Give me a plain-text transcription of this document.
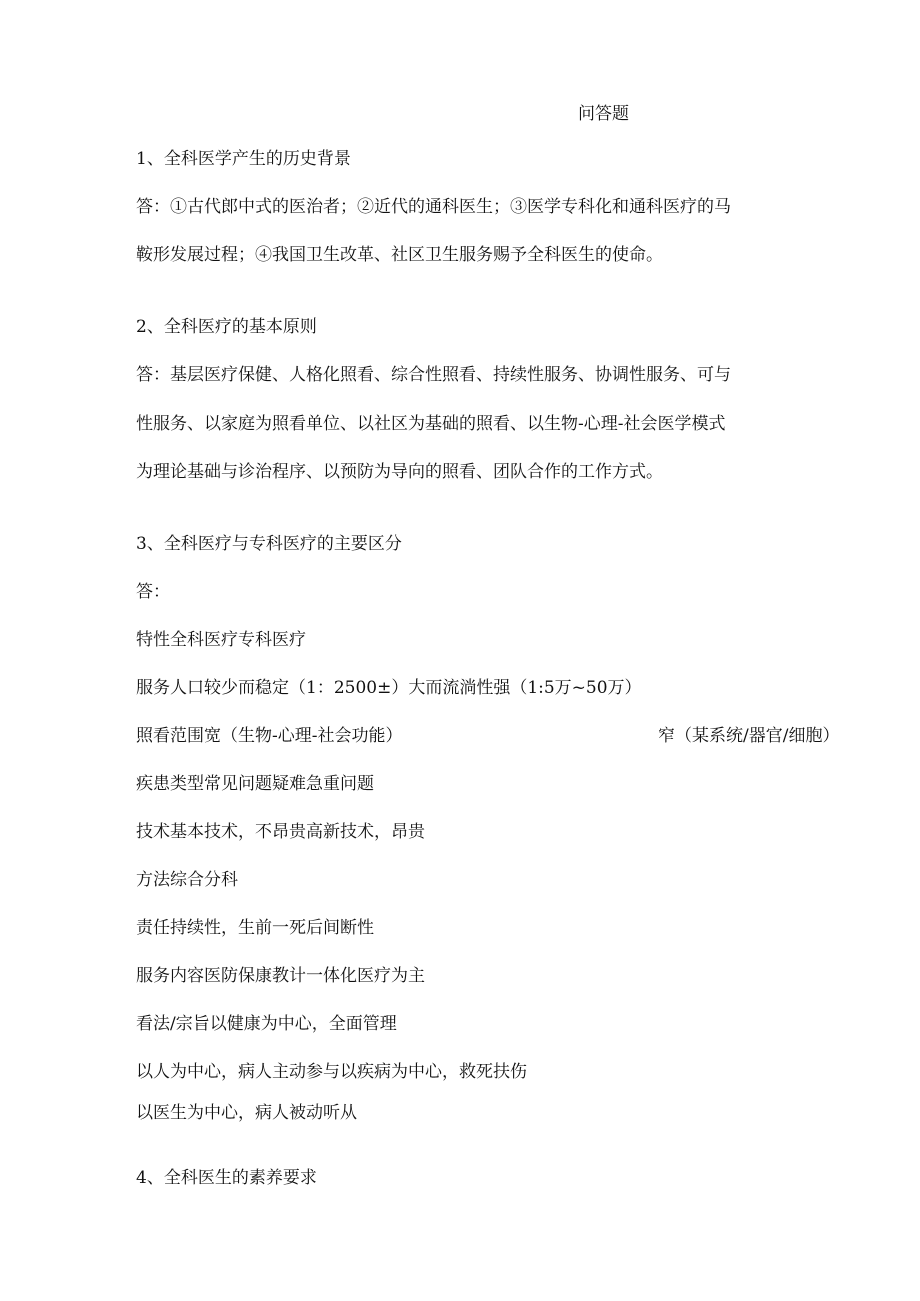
问答题
1、全科医学产生的历史背景
答：①古代郎中式的医治者；②近代的通科医生；③医学专科化和通科医疗的马
鞍形发展过程；④我国卫生改革、社区卫生服务赐予全科医生的使命。
2、全科医疗的基本原则
答：基层医疗保健、人格化照看、综合性照看、持续性服务、协调性服务、可与
性服务、以家庭为照看单位、以社区为基础的照看、以生物-心理-社会医学模式
为理论基础与诊治程序、以预防为导向的照看、团队合作的工作方式。
3、全科医疗与专科医疗的主要区分
答：
特性全科医疗专科医疗
服务人口较少而稳定（1：2500±）大而流淌性强（1:5万~50万）
照看范围宽（生物-心理-社会功能）	窄（某系统/器官/细胞）
疾患类型常见问题疑难急重问题
技术基本技术，不昂贵高新技术，昂贵
方法综合分科
责任持续性，生前一死后间断性
服务内容医防保康教计一体化医疗为主
看法/宗旨以健康为中心，全面管理
以人为中心，病人主动参与以疾病为中心，救死扶伤
以医生为中心，病人被动听从
4、全科医生的素养要求
